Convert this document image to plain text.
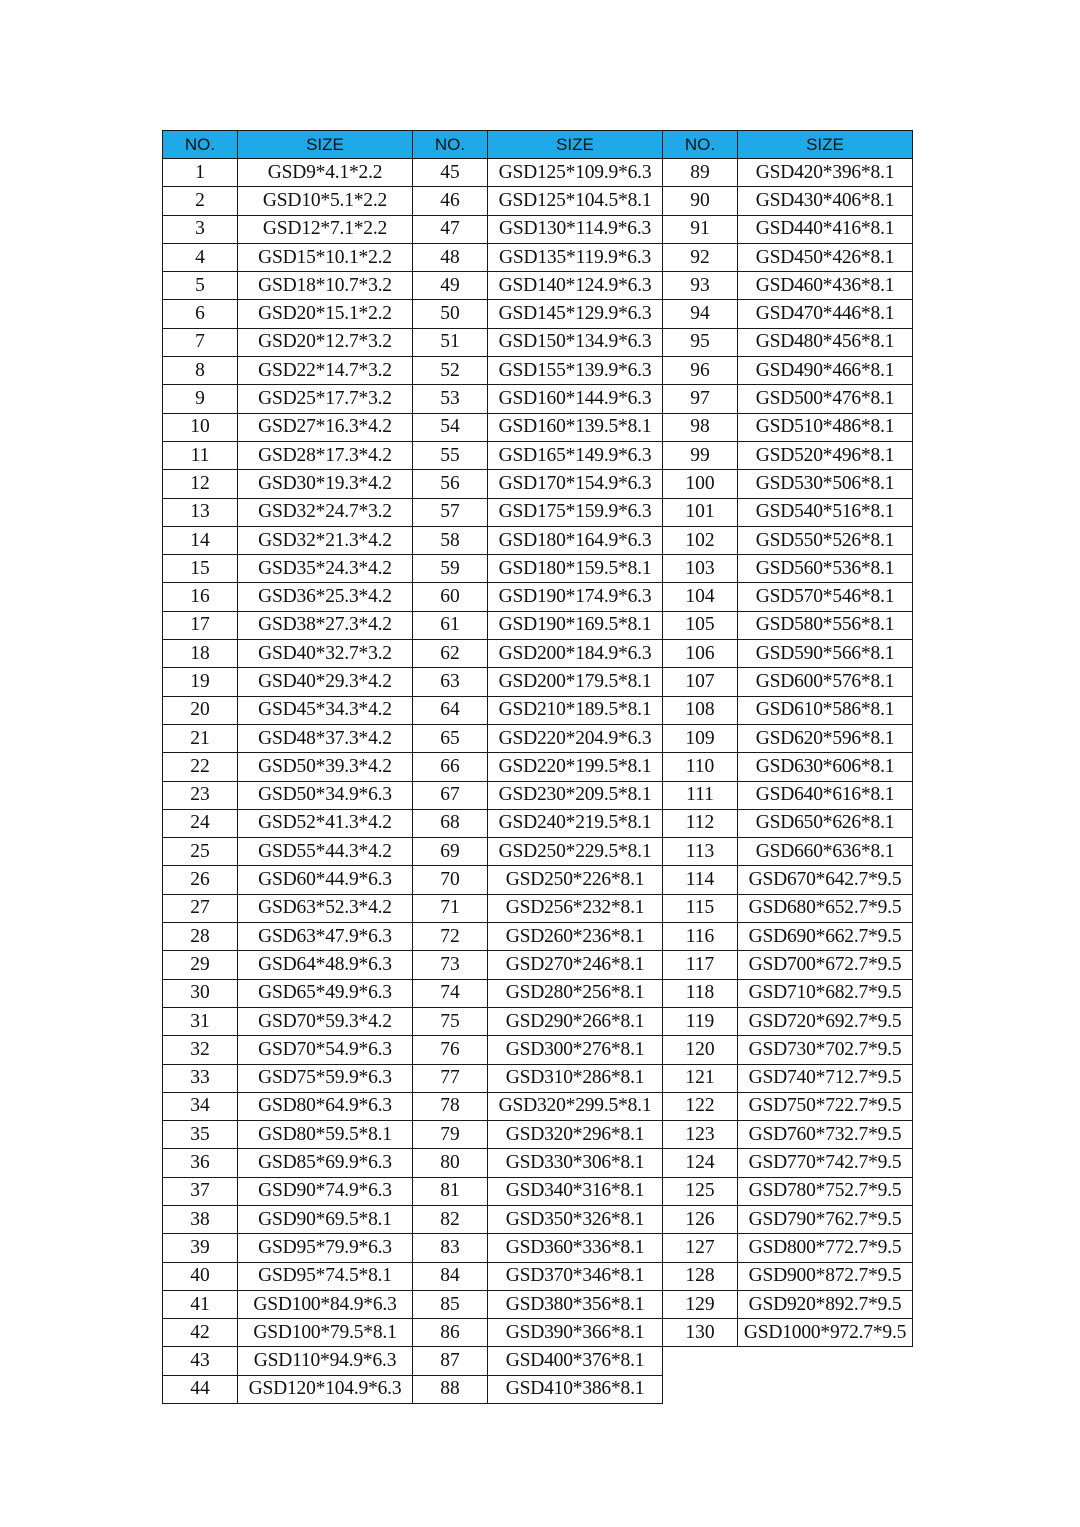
NO.	SIZE
1	GSD9*4.1*2.2
2	GSD10*5.1*2.2
3	GSD12*7.1*2.2
4	GSD15*10.1*2.2
5	GSD18*10.7*3.2
6	GSD20*15.1*2.2
7	GSD20*12.7*3.2
8	GSD22*14.7*3.2
9	GSD25*17.7*3.2
10	GSD27*16.3*4.2
11	GSD28*17.3*4.2
12	GSD30*19.3*4.2
13	GSD32*24.7*3.2
14	GSD32*21.3*4.2
15	GSD35*24.3*4.2
16	GSD36*25.3*4.2
17	GSD38*27.3*4.2
18	GSD40*32.7*3.2
19	GSD40*29.3*4.2
20	GSD45*34.3*4.2
21	GSD48*37.3*4.2
22	GSD50*39.3*4.2
23	GSD50*34.9*6.3
24	GSD52*41.3*4.2
25	GSD55*44.3*4.2
26	GSD60*44.9*6.3
27	GSD63*52.3*4.2
28	GSD63*47.9*6.3
29	GSD64*48.9*6.3
30	GSD65*49.9*6.3
31	GSD70*59.3*4.2
32	GSD70*54.9*6.3
33	GSD75*59.9*6.3
34	GSD80*64.9*6.3
35	GSD80*59.5*8.1
36	GSD85*69.9*6.3
37	GSD90*74.9*6.3
38	GSD90*69.5*8.1
39	GSD95*79.9*6.3
40	GSD95*74.5*8.1
41	GSD100*84.9*6.3
42	GSD100*79.5*8.1
43	GSD110*94.9*6.3
44	GSD120*104.9*6.3
NO.	SIZE
45	GSD125*109.9*6.3
46	GSD125*104.5*8.1
47	GSD130*114.9*6.3
48	GSD135*119.9*6.3
49	GSD140*124.9*6.3
50	GSD145*129.9*6.3
51	GSD150*134.9*6.3
52	GSD155*139.9*6.3
53	GSD160*144.9*6.3
54	GSD160*139.5*8.1
55	GSD165*149.9*6.3
56	GSD170*154.9*6.3
57	GSD175*159.9*6.3
58	GSD180*164.9*6.3
59	GSD180*159.5*8.1
60	GSD190*174.9*6.3
61	GSD190*169.5*8.1
62	GSD200*184.9*6.3
63	GSD200*179.5*8.1
64	GSD210*189.5*8.1
65	GSD220*204.9*6.3
66	GSD220*199.5*8.1
67	GSD230*209.5*8.1
68	GSD240*219.5*8.1
69	GSD250*229.5*8.1
70	GSD250*226*8.1
71	GSD256*232*8.1
72	GSD260*236*8.1
73	GSD270*246*8.1
74	GSD280*256*8.1
75	GSD290*266*8.1
76	GSD300*276*8.1
77	GSD310*286*8.1
78	GSD320*299.5*8.1
79	GSD320*296*8.1
80	GSD330*306*8.1
81	GSD340*316*8.1
82	GSD350*326*8.1
83	GSD360*336*8.1
84	GSD370*346*8.1
85	GSD380*356*8.1
86	GSD390*366*8.1
87	GSD400*376*8.1
88	GSD410*386*8.1
NO.	SIZE
89	GSD420*396*8.1
90	GSD430*406*8.1
91	GSD440*416*8.1
92	GSD450*426*8.1
93	GSD460*436*8.1
94	GSD470*446*8.1
95	GSD480*456*8.1
96	GSD490*466*8.1
97	GSD500*476*8.1
98	GSD510*486*8.1
99	GSD520*496*8.1
100	GSD530*506*8.1
101	GSD540*516*8.1
102	GSD550*526*8.1
103	GSD560*536*8.1
104	GSD570*546*8.1
105	GSD580*556*8.1
106	GSD590*566*8.1
107	GSD600*576*8.1
108	GSD610*586*8.1
109	GSD620*596*8.1
110	GSD630*606*8.1
111	GSD640*616*8.1
112	GSD650*626*8.1
113	GSD660*636*8.1
114	GSD670*642.7*9.5
115	GSD680*652.7*9.5
116	GSD690*662.7*9.5
117	GSD700*672.7*9.5
118	GSD710*682.7*9.5
119	GSD720*692.7*9.5
120	GSD730*702.7*9.5
121	GSD740*712.7*9.5
122	GSD750*722.7*9.5
123	GSD760*732.7*9.5
124	GSD770*742.7*9.5
125	GSD780*752.7*9.5
126	GSD790*762.7*9.5
127	GSD800*772.7*9.5
128	GSD900*872.7*9.5
129	GSD920*892.7*9.5
130	GSD1000*972.7*9.5
